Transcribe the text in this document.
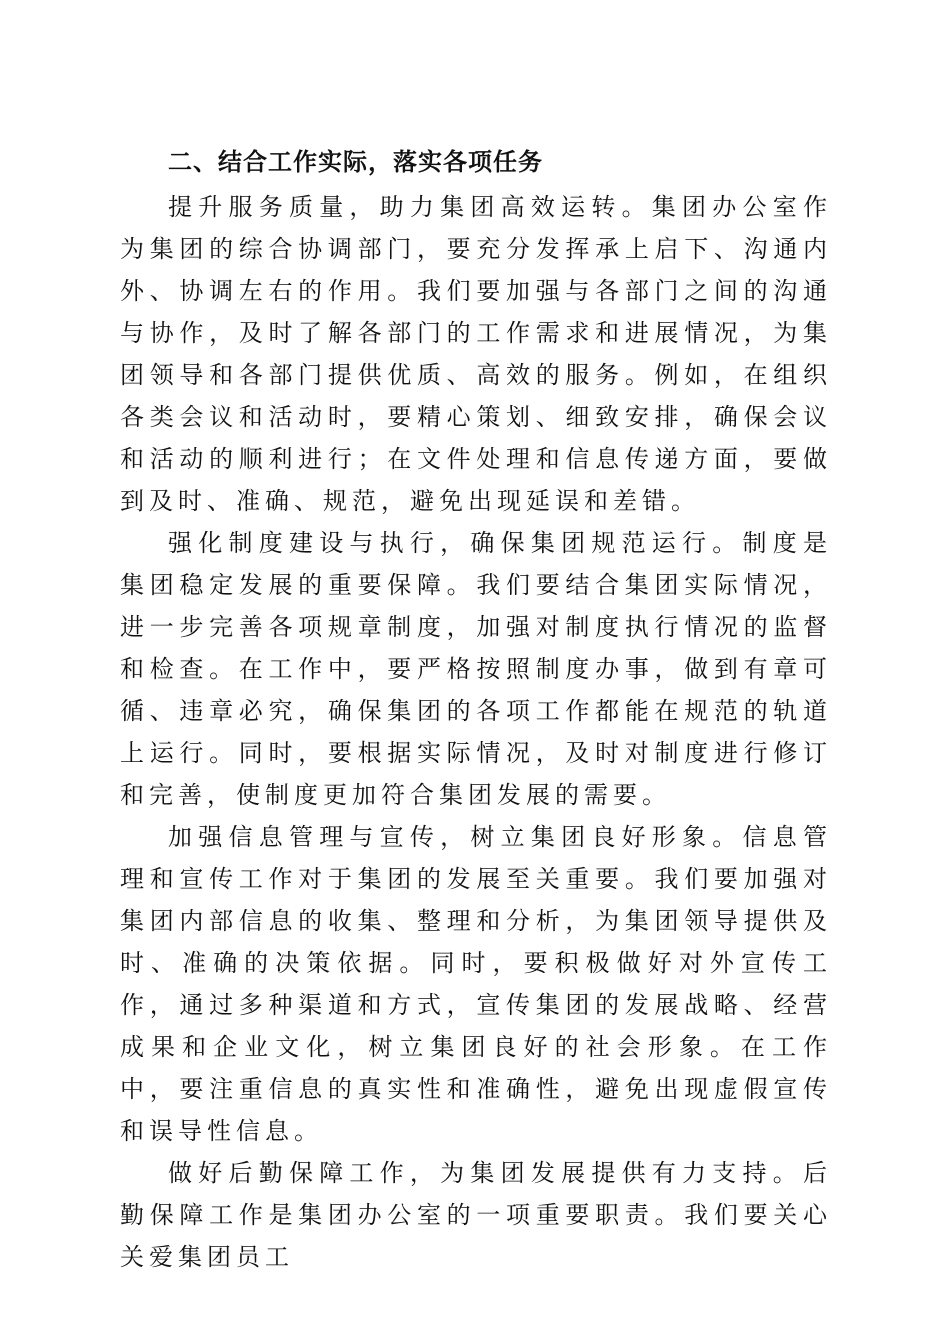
二、结合工作实际，落实各项任务

提升服务质量，助力集团高效运转。集团办公室作为集团的综合协调部门，要充分发挥承上启下、沟通内外、协调左右的作用。我们要加强与各部门之间的沟通与协作，及时了解各部门的工作需求和进展情况，为集团领导和各部门提供优质、高效的服务。例如，在组织各类会议和活动时，要精心策划、细致安排，确保会议和活动的顺利进行；在文件处理和信息传递方面，要做到及时、准确、规范，避免出现延误和差错。

强化制度建设与执行，确保集团规范运行。制度是集团稳定发展的重要保障。我们要结合集团实际情况，进一步完善各项规章制度，加强对制度执行情况的监督和检查。在工作中，要严格按照制度办事，做到有章可循、违章必究，确保集团的各项工作都能在规范的轨道上运行。同时，要根据实际情况，及时对制度进行修订和完善，使制度更加符合集团发展的需要。

加强信息管理与宣传，树立集团良好形象。信息管理和宣传工作对于集团的发展至关重要。我们要加强对集团内部信息的收集、整理和分析，为集团领导提供及时、准确的决策依据。同时，要积极做好对外宣传工作，通过多种渠道和方式，宣传集团的发展战略、经营成果和企业文化，树立集团良好的社会形象。在工作中，要注重信息的真实性和准确性，避免出现虚假宣传和误导性信息。

做好后勤保障工作，为集团发展提供有力支持。后勤保障工作是集团办公室的一项重要职责。我们要关心关爱集团员工
